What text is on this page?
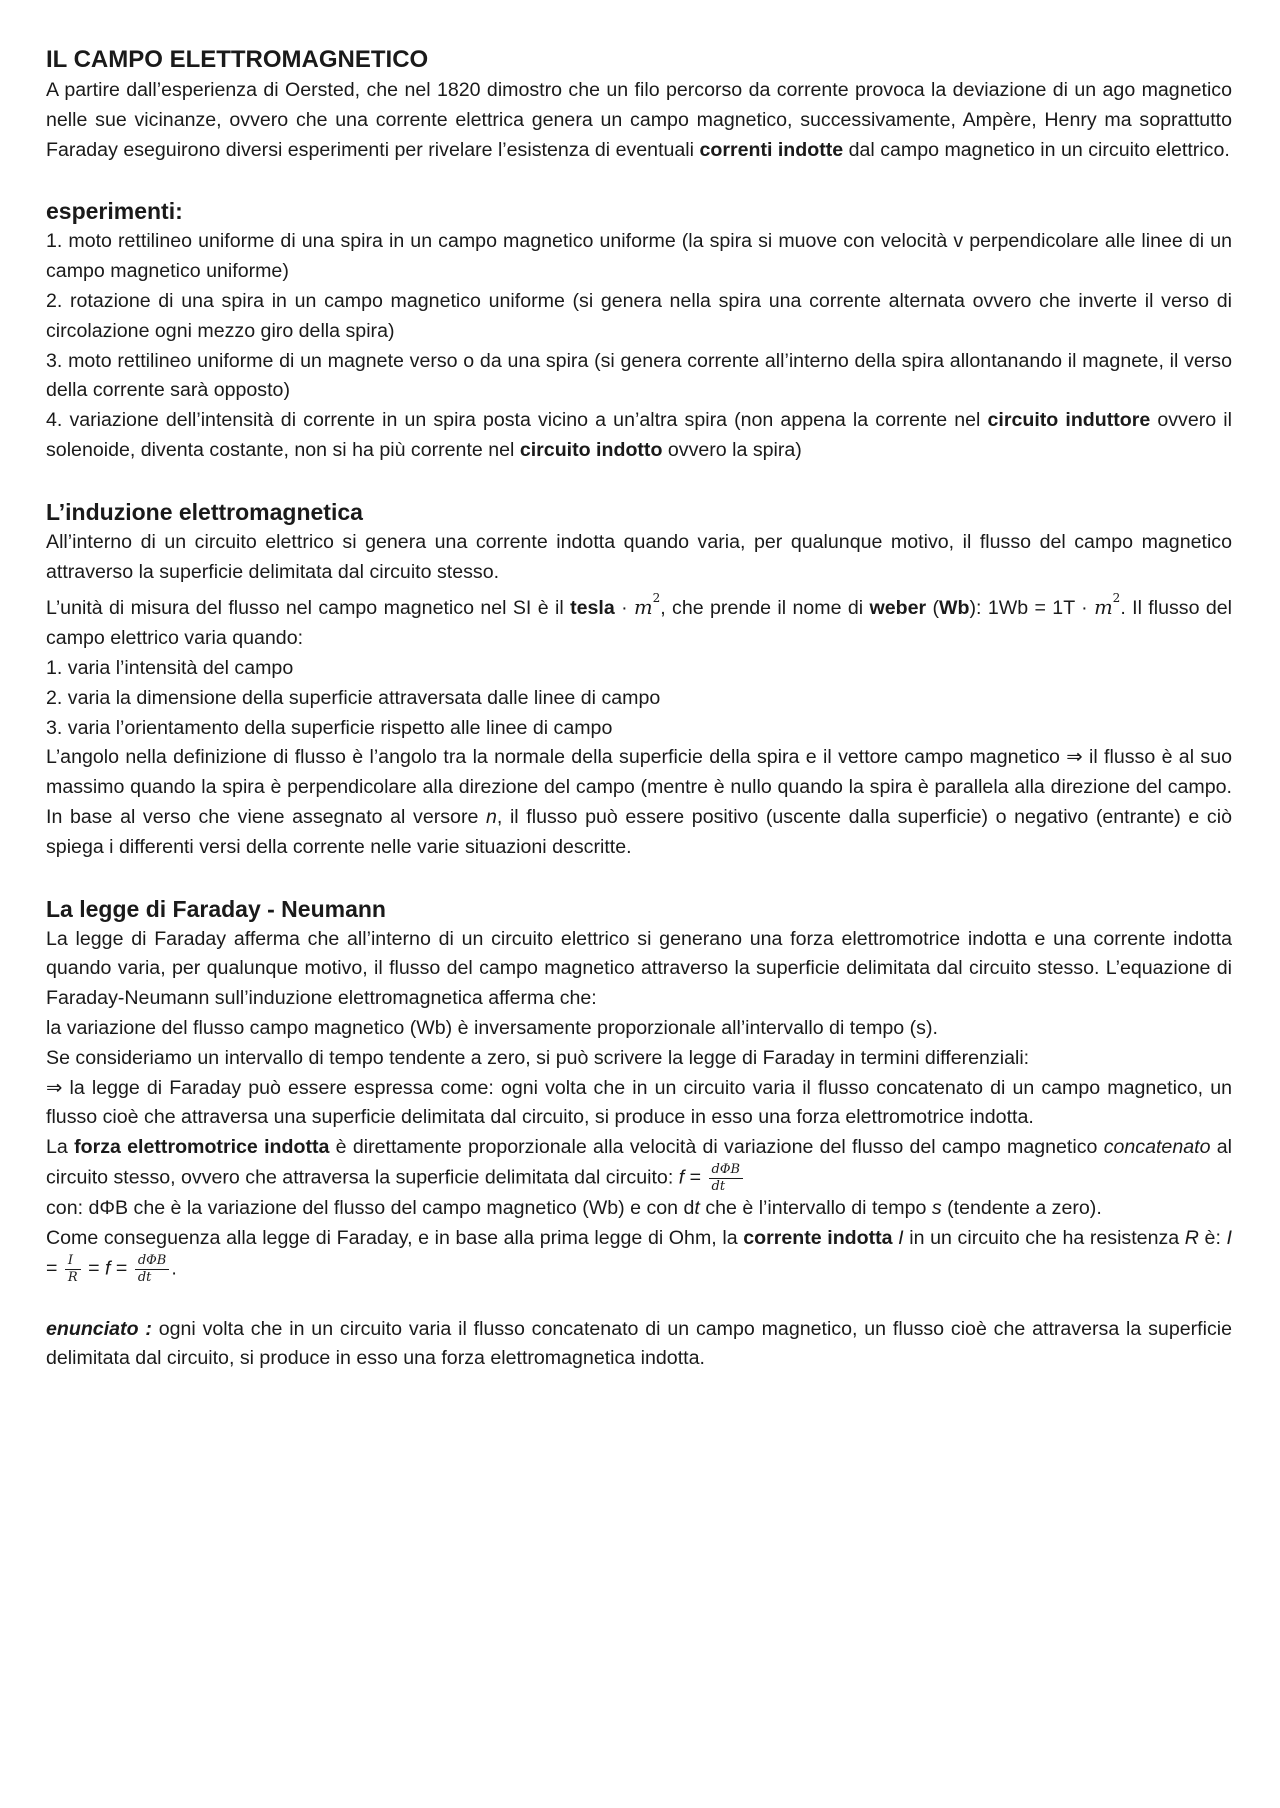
IL CAMPO ELETTROMAGNETICO

A partire dall’esperienza di Oersted, che nel 1820 dimostro che un filo percorso da corrente provoca la deviazione di un ago magnetico nelle sue vicinanze, ovvero che una corrente elettrica genera un campo magnetico, successivamente, Ampère, Henry ma soprattutto Faraday eseguirono diversi esperimenti per rivelare l’esistenza di eventuali correnti indotte dal campo magnetico in un circuito elettrico.

esperimenti:

1. moto rettilineo uniforme di una spira in un campo magnetico uniforme (la spira si muove con velocità v perpendicolare alle linee di un campo magnetico uniforme)

2. rotazione di una spira in un campo magnetico uniforme (si genera nella spira una corrente alternata ovvero che inverte il verso di circolazione ogni mezzo giro della spira)

3. moto rettilineo uniforme di un magnete verso o da una spira (si genera corrente all’interno della spira allontanando il magnete, il verso della corrente sarà opposto)

4. variazione dell’intensità di corrente in un spira posta vicino a un’altra spira (non appena la corrente nel circuito induttore ovvero il solenoide, diventa costante, non si ha più corrente nel circuito indotto ovvero la spira)

L’induzione elettromagnetica

All’interno di un circuito elettrico si genera una corrente indotta quando varia, per qualunque motivo, il flusso del campo magnetico attraverso la superficie delimitata dal circuito stesso.

L’unità di misura del flusso nel campo magnetico nel SI è il tesla · $m^2$, che prende il nome di weber (Wb): $1Wb = 1T \cdot m^2$. Il flusso del campo elettrico varia quando:

1. varia l’intensità del campo

2. varia la dimensione della superficie attraversata dalle linee di campo

3. varia l’orientamento della superficie rispetto alle linee di campo

L’angolo nella definizione di flusso è l’angolo tra la normale della superficie della spira e il vettore campo magnetico ⇒ il flusso è al suo massimo quando la spira è perpendicolare alla direzione del campo (mentre è nullo quando la spira è parallela alla direzione del campo. In base al verso che viene assegnato al versore n, il flusso può essere positivo (uscente dalla superficie) o negativo (entrante) e ciò spiega i differenti versi della corrente nelle varie situazioni descritte.

La legge di Faraday - Neumann

La legge di Faraday afferma che all’interno di un circuito elettrico si generano una forza elettromotrice indotta e una corrente indotta quando varia, per qualunque motivo, il flusso del campo magnetico attraverso la superficie delimitata dal circuito stesso. L’equazione di Faraday-Neumann sull’induzione elettromagnetica afferma che:

la variazione del flusso campo magnetico (Wb) è inversamente proporzionale all’intervallo di tempo (s).

Se consideriamo un intervallo di tempo tendente a zero, si può scrivere la legge di Faraday in termini differenziali:

⇒ la legge di Faraday può essere espressa come: ogni volta che in un circuito varia il flusso concatenato di un campo magnetico, un flusso cioè che attraversa una superficie delimitata dal circuito, si produce in esso una forza elettromotrice indotta.

La forza elettromotrice indotta è direttamente proporzionale alla velocità di variazione del flusso del campo magnetico concatenato al circuito stesso, ovvero che attraversa la superficie delimitata dal circuito: $f = \frac{\text{dΦB}}{dt}$

con: dΦB che è la variazione del flusso del campo magnetico (Wb) e con dt che è l’intervallo di tempo s (tendente a zero).

Come conseguenza alla legge di Faraday, e in base alla prima legge di Ohm, la corrente indotta I in un circuito che ha resistenza R è: $I = \frac{I}{R} = f = \frac{\text{dΦB}}{dt}$ .

enunciato : ogni volta che in un circuito varia il flusso concatenato di un campo magnetico, un flusso cioè che attraversa la superficie delimitata dal circuito, si produce in esso una forza elettromagnetica indotta.
